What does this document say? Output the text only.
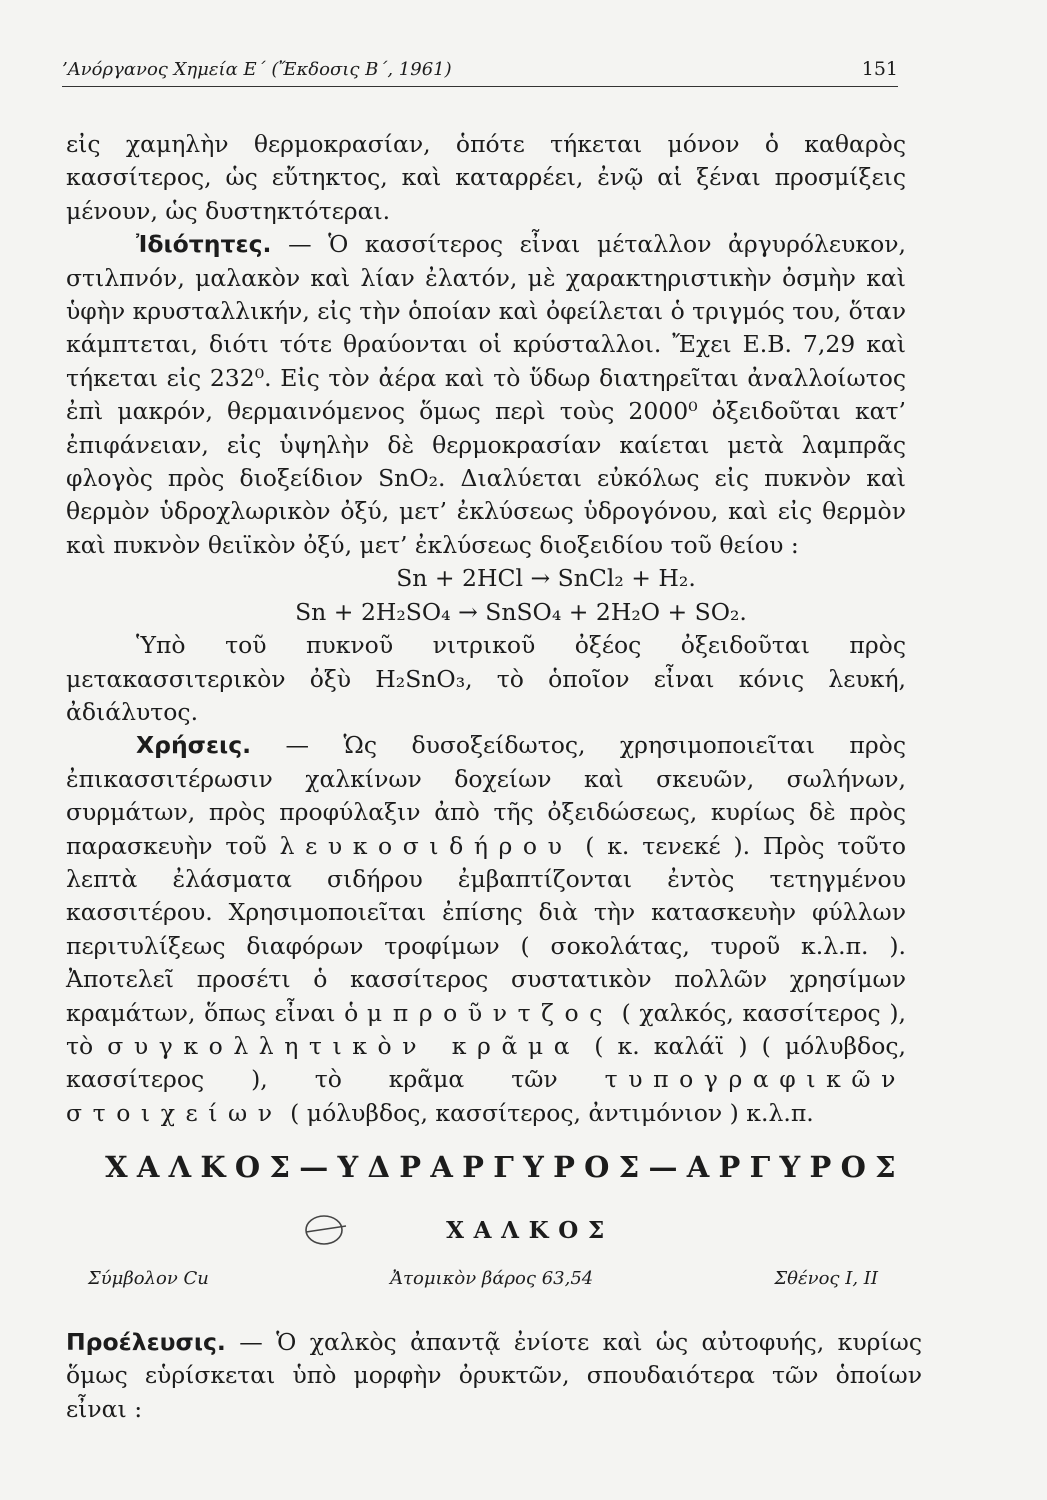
’Ανόργανος Χημεία Ε΄ (Ἔκδοσις Β΄, 1961)	151

εἰς χαμηλὴν θερμοκρασίαν, ὁπότε τήκεται μόνον ὁ καθαρὸς κασσίτερος, ὡς εὔτηκτος, καὶ καταρρέει, ἐνῷ αἱ ξέναι προσμίξεις μένουν, ὡς δυστηκτότεραι.

Ἰδιότητες. — Ὁ κασσίτερος εἶναι μέταλλον ἀργυρόλευκον, στιλπνόν, μαλακὸν καὶ λίαν ἐλατόν, μὲ χαρακτηριστικὴν ὀσμὴν καὶ ὑφὴν κρυσταλλικήν, εἰς τὴν ὁποίαν καὶ ὀφείλεται ὁ τριγμός του, ὅταν κάμπτεται, διότι τότε θραύονται οἱ κρύσταλλοι. Ἔχει Ε.Β. 7,29 καὶ τήκεται εἰς 232⁰. Εἰς τὸν ἀέρα καὶ τὸ ὕδωρ διατηρεῖται ἀναλλοίωτος ἐπὶ μακρόν, θερμαινόμενος ὅμως περὶ τοὺς 2000⁰ ὀξειδοῦται κατ’ ἐπιφάνειαν, εἰς ὑψηλὴν δὲ θερμοκρασίαν καίεται μετὰ λαμπρᾶς φλογὸς πρὸς διοξείδιον SnO₂. Διαλύεται εὐκόλως εἰς πυκνὸν καὶ θερμὸν ὑδροχλωρικὸν ὀξύ, μετ’ ἐκλύσεως ὑδρογόνου, καὶ εἰς θερμὸν καὶ πυκνὸν θειϊκὸν ὀξύ, μετ’ ἐκλύσεως διοξειδίου τοῦ θείου :

Sn + 2HCl → SnCl₂ + H₂.

Sn + 2H₂SO₄ → SnSO₄ + 2H₂O + SO₂.

Ὑπὸ τοῦ πυκνοῦ νιτρικοῦ ὀξέος ὀξειδοῦται πρὸς μετακασσιτερικὸν ὀξὺ H₂SnO₃, τὸ ὁποῖον εἶναι κόνις λευκή, ἀδιάλυτος.

Χρήσεις. — Ὡς δυσοξείδωτος, χρησιμοποιεῖται πρὸς ἐπικασσιτέρωσιν χαλκίνων δοχείων καὶ σκευῶν, σωλήνων, συρμάτων, πρὸς προφύλαξιν ἀπὸ τῆς ὀξειδώσεως, κυρίως δὲ πρὸς παρασκευὴν τοῦ λευκοσιδήρου ( κ. τενεκέ ). Πρὸς τοῦτο λεπτὰ ἐλάσματα σιδήρου ἐμβαπτίζονται ἐντὸς τετηγμένου κασσιτέρου. Χρησιμοποιεῖται ἐπίσης διὰ τὴν κατασκευὴν φύλλων περιτυλίξεως διαφόρων τροφίμων ( σοκολάτας, τυροῦ κ.λ.π. ). Ἀποτελεῖ προσέτι ὁ κασσίτερος συστατικὸν πολλῶν χρησίμων κραμάτων, ὅπως εἶναι ὁ μπροῦντζος ( χαλκός, κασσίτερος ), τὸ συγκολλητικὸν κρᾶμα ( κ. καλάϊ ) ( μόλυβδος, κασσίτερος ), τὸ κρᾶμα τῶν τυπογραφικῶν στοιχείων ( μόλυβδος, κασσίτερος, ἀντιμόνιον ) κ.λ.π.

ΧΑΛΚΟΣ—ΥΔΡΑΡΓΥΡΟΣ—ΑΡΓΥΡΟΣ
ΧΑΛΚΟΣ
Σύμβολον Cu	Ἀτομικὸν βάρος 63,54	Σθένος I, II

Προέλευσις. — Ὁ χαλκὸς ἀπαντᾷ ἐνίοτε καὶ ὡς αὐτοφυής, κυρίως ὅμως εὑρίσκεται ὑπὸ μορφὴν ὀρυκτῶν, σπουδαιότερα τῶν ὁποίων εἶναι :
